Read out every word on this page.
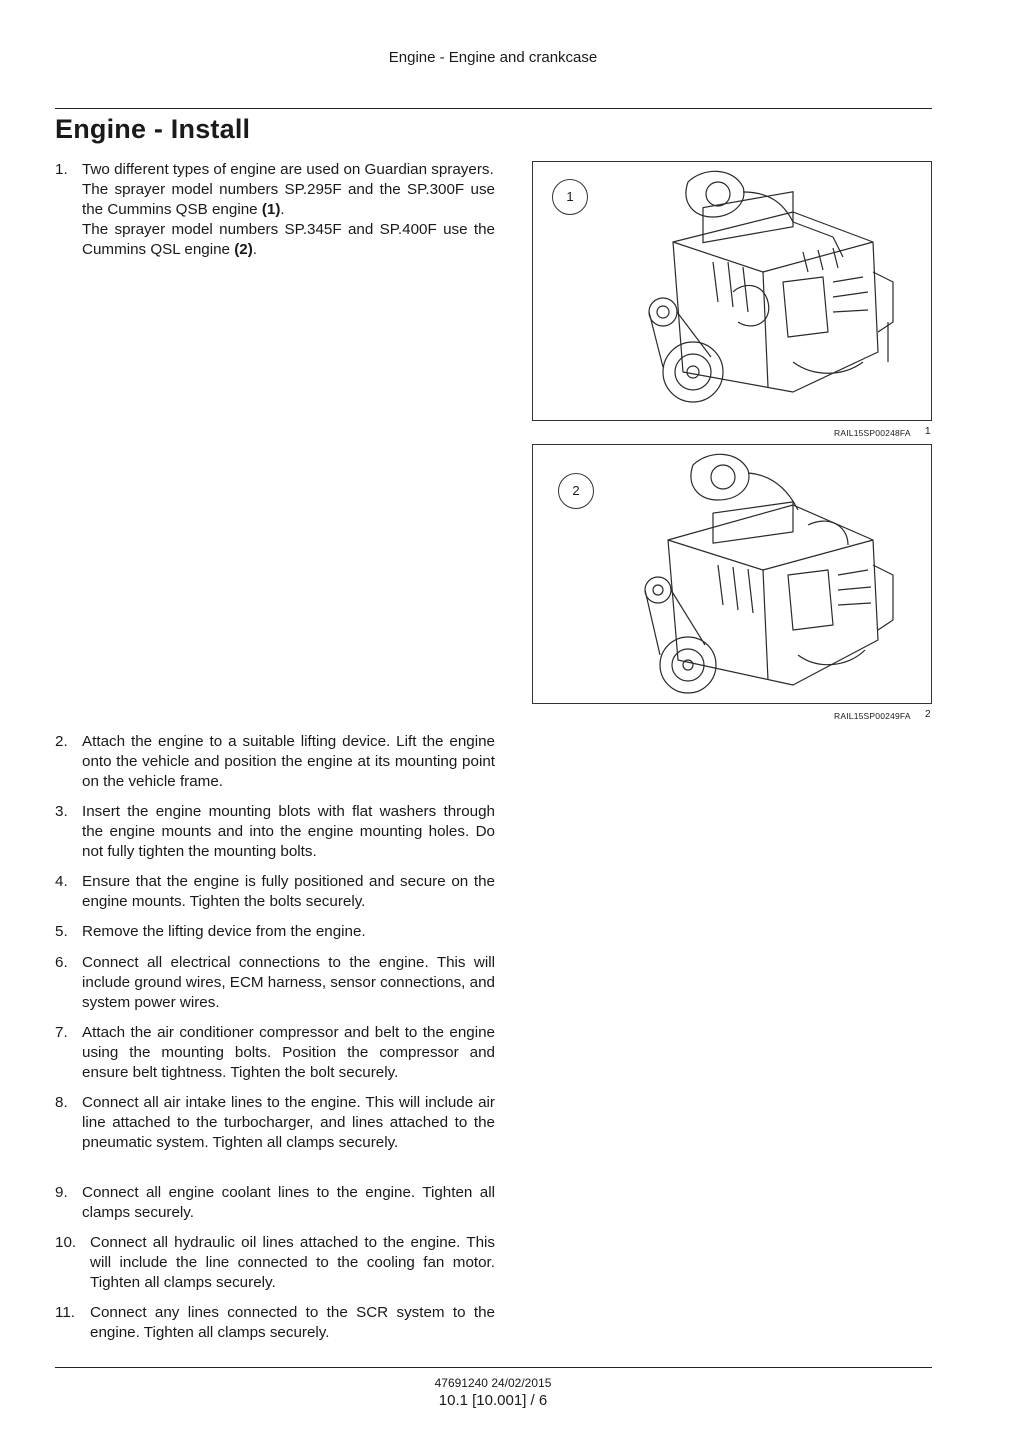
Engine - Engine and crankcase
Engine - Install
1. Two different types of engine are used on Guardian sprayers.

The sprayer model numbers SP.295F and the SP.300F use the Cummins QSB engine (1).

The sprayer model numbers SP.345F and SP.400F use the Cummins QSL engine (2).

1
RAIL15SP00248FA 1
2
RAIL15SP00249FA 2
2. Attach the engine to a suitable lifting device. Lift the engine onto the vehicle and position the engine at its mounting point on the vehicle frame.
3. Insert the engine mounting blots with flat washers through the engine mounts and into the engine mounting holes. Do not fully tighten the mounting bolts.
4. Ensure that the engine is fully positioned and secure on the engine mounts. Tighten the bolts securely.
5. Remove the lifting device from the engine.
6. Connect all electrical connections to the engine. This will include ground wires, ECM harness, sensor connections, and system power wires.
7. Attach the air conditioner compressor and belt to the engine using the mounting bolts. Position the compressor and ensure belt tightness. Tighten the bolt securely.
8. Connect all air intake lines to the engine. This will include air line attached to the turbocharger, and lines attached to the pneumatic system. Tighten all clamps securely.
9. Connect all engine coolant lines to the engine. Tighten all clamps securely.
10. Connect all hydraulic oil lines attached to the engine. This will include the line connected to the cooling fan motor. Tighten all clamps securely.
11. Connect any lines connected to the SCR system to the engine. Tighten all clamps securely.
47691240 24/02/2015
10.1 [10.001] / 6
